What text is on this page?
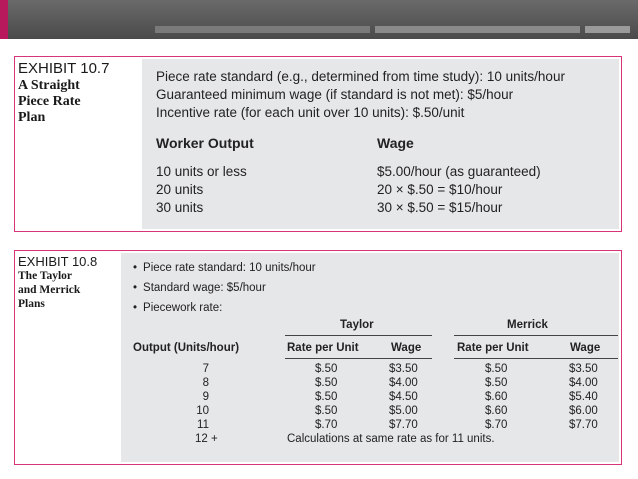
EXHIBIT 10.7
A Straight
Piece Rate
Plan
Piece rate standard (e.g., determined from time study): 10 units/hour
Guaranteed minimum wage (if standard is not met): $5/hour
Incentive rate (for each unit over 10 units): $.50/unit
Worker Output	Wage
10 units or less	$5.00/hour (as guaranteed)
20 units	20 × $.50 = $10/hour
30 units	30 × $.50 = $15/hour
EXHIBIT 10.8
The Taylor
and Merrick
Plans
• Piece rate standard: 10 units/hour
• Standard wage: $5/hour
• Piecework rate:
Taylor	Merrick
Output (Units/hour)	Rate per Unit	Wage	Rate per Unit	Wage
7	$.50	$3.50	$.50	$3.50
8	$.50	$4.00	$.50	$4.00
9	$.50	$4.50	$.60	$5.40
10	$.50	$5.00	$.60	$6.00
11	$.70	$7.70	$.70	$7.70
12 +	Calculations at same rate as for 11 units.
